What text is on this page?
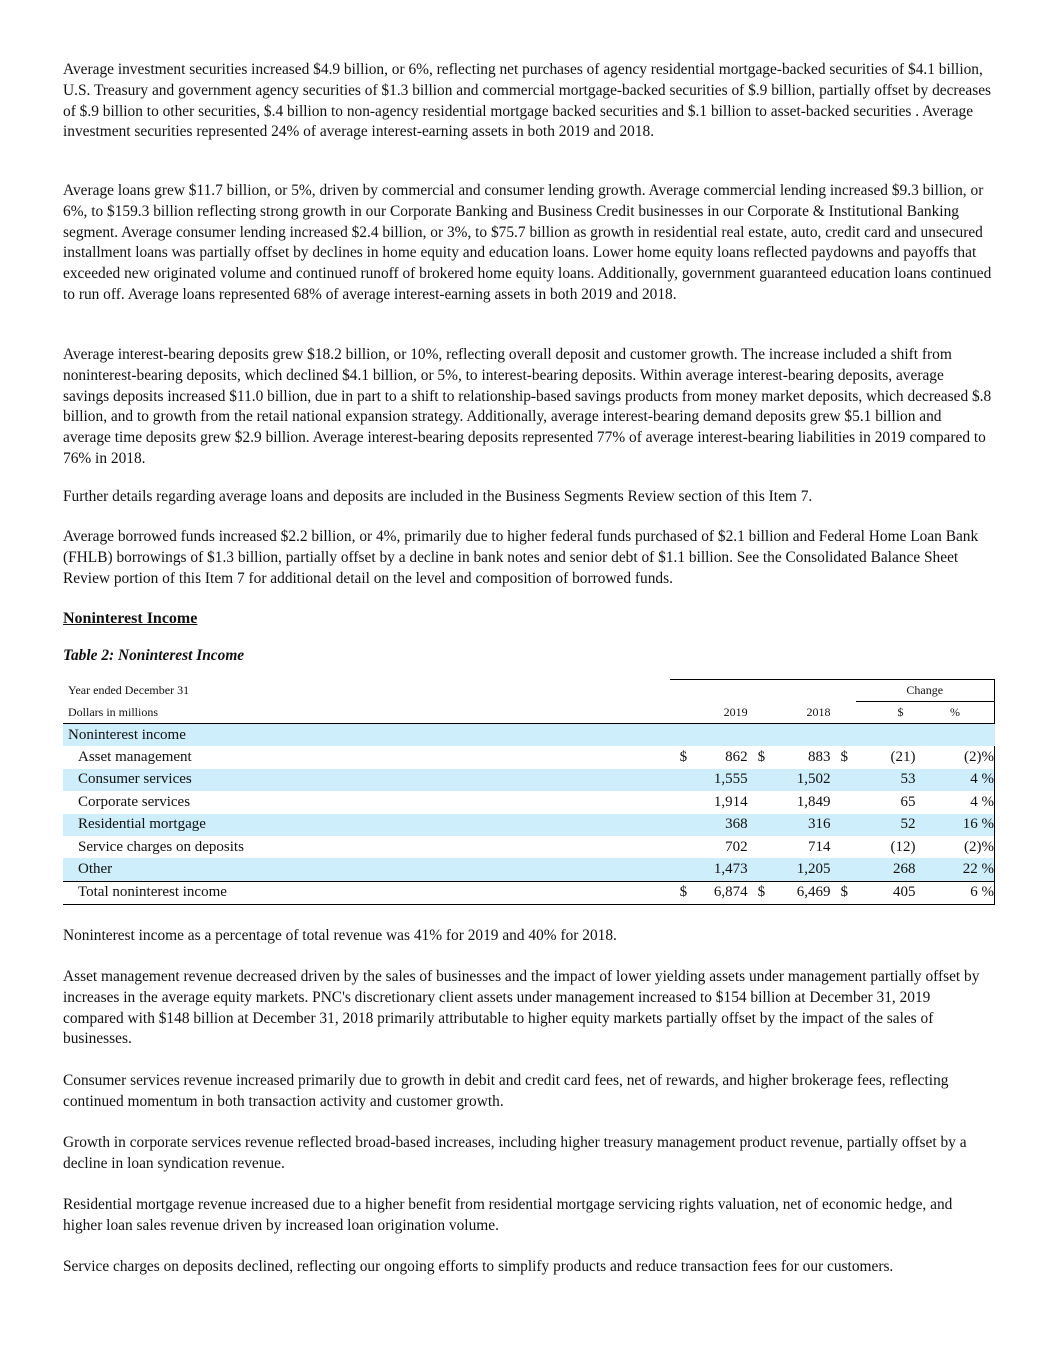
Average investment securities increased $4.9 billion, or 6%, reflecting net purchases of agency residential mortgage-backed securities of $4.1 billion, U.S. Treasury and government agency securities of $1.3 billion and commercial mortgage-backed securities of $.9 billion, partially offset by decreases of $.9 billion to other securities, $.4 billion to non-agency residential mortgage backed securities and $.1 billion to asset-backed securities . Average investment securities represented 24% of average interest-earning assets in both 2019 and 2018.

Average loans grew $11.7 billion, or 5%, driven by commercial and consumer lending growth. Average commercial lending increased $9.3 billion, or 6%, to $159.3 billion reflecting strong growth in our Corporate Banking and Business Credit businesses in our Corporate & Institutional Banking segment. Average consumer lending increased $2.4 billion, or 3%, to $75.7 billion as growth in residential real estate, auto, credit card and unsecured installment loans was partially offset by declines in home equity and education loans. Lower home equity loans reflected paydowns and payoffs that exceeded new originated volume and continued runoff of brokered home equity loans. Additionally, government guaranteed education loans continued to run off. Average loans represented 68% of average interest-earning assets in both 2019 and 2018.

Average interest-bearing deposits grew $18.2 billion, or 10%, reflecting overall deposit and customer growth. The increase included a shift from noninterest-bearing deposits, which declined $4.1 billion, or 5%, to interest-bearing deposits. Within average interest-bearing deposits, average savings deposits increased $11.0 billion, due in part to a shift to relationship-based savings products from money market deposits, which decreased $.8 billion, and to growth from the retail national expansion strategy. Additionally, average interest-bearing demand deposits grew $5.1 billion and average time deposits grew $2.9 billion. Average interest-bearing deposits represented 77% of average interest-bearing liabilities in 2019 compared to 76% in 2018.

Further details regarding average loans and deposits are included in the Business Segments Review section of this Item 7.

Average borrowed funds increased $2.2 billion, or 4%, primarily due to higher federal funds purchased of $2.1 billion and Federal Home Loan Bank (FHLB) borrowings of $1.3 billion, partially offset by a decline in bank notes and senior debt of $1.1 billion. See the Consolidated Balance Sheet Review portion of this Item 7 for additional detail on the level and composition of borrowed funds.

Noninterest Income

Table 2: Noninterest Income

Year ended December 31						Change	
Dollars in millions		2019		2018		$	%
Noninterest income							
Asset management	$	862	$	883	$	(21)	(2)%
Consumer services		1,555		1,502		53	4 %
Corporate services		1,914		1,849		65	4 %
Residential mortgage		368		316		52	16 %
Service charges on deposits		702		714		(12)	(2)%
Other		1,473		1,205		268	22 %
Total noninterest income	$	6,874	$	6,469	$	405	6 %

Noninterest income as a percentage of total revenue was 41% for 2019 and 40% for 2018.

Asset management revenue decreased driven by the sales of businesses and the impact of lower yielding assets under management partially offset by increases in the average equity markets. PNC's discretionary client assets under management increased to $154 billion at December 31, 2019 compared with $148 billion at December 31, 2018 primarily attributable to higher equity markets partially offset by the impact of the sales of businesses.

Consumer services revenue increased primarily due to growth in debit and credit card fees, net of rewards, and higher brokerage fees, reflecting continued momentum in both transaction activity and customer growth.

Growth in corporate services revenue reflected broad-based increases, including higher treasury management product revenue, partially offset by a decline in loan syndication revenue.

Residential mortgage revenue increased due to a higher benefit from residential mortgage servicing rights valuation, net of economic hedge, and higher loan sales revenue driven by increased loan origination volume.

Service charges on deposits declined, reflecting our ongoing efforts to simplify products and reduce transaction fees for our customers.
